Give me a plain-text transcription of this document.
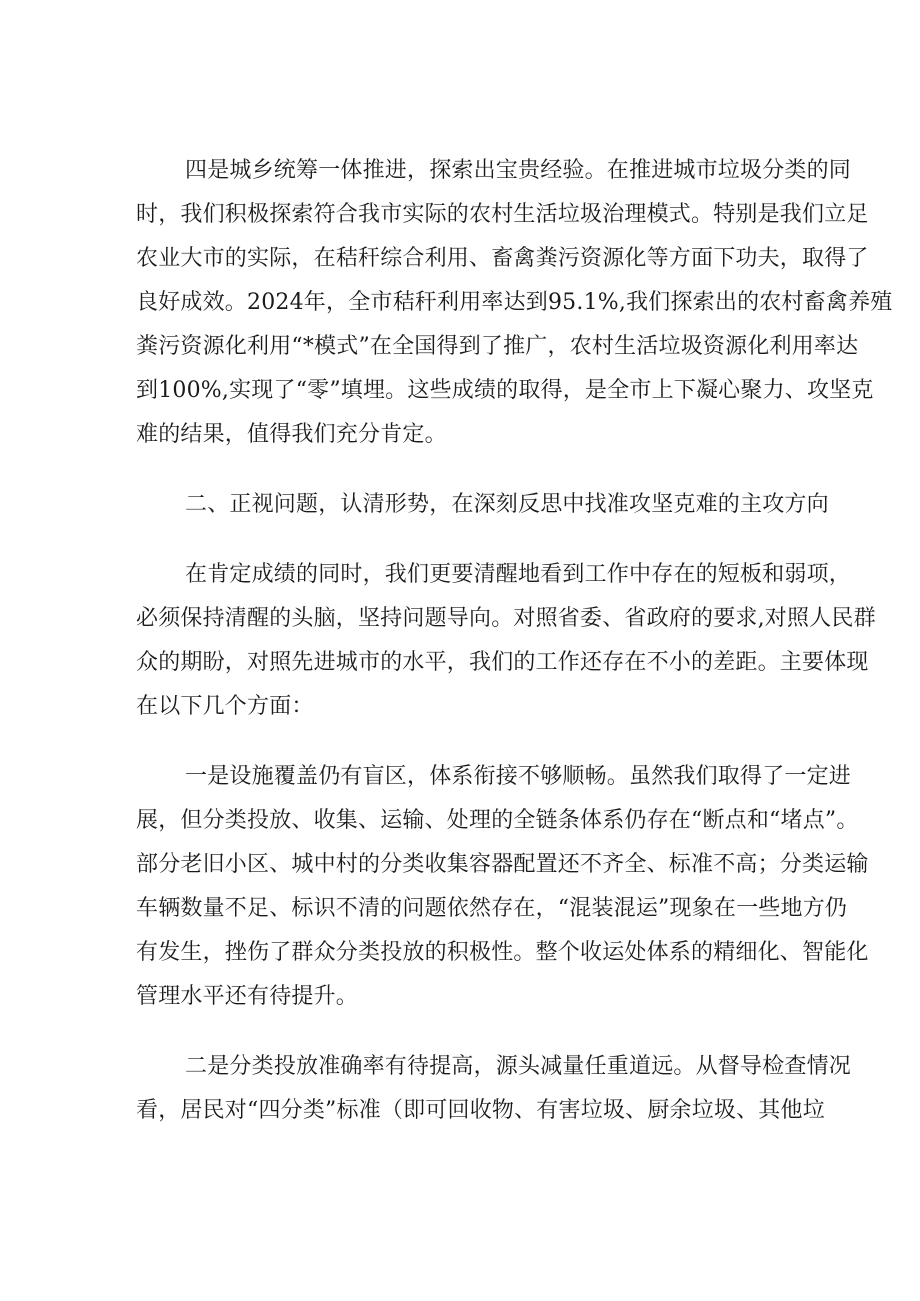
四是城乡统筹一体推进，探索出宝贵经验。在推进城市垃圾分类的同

时，我们积极探索符合我市实际的农村生活垃圾治理模式。特别是我们立足

农业大市的实际，在秸秆综合利用、畜禽粪污资源化等方面下功夫，取得了

良好成效。2024年，全市秸秆利用率达到95.1%,我们探索出的农村畜禽养殖

粪污资源化利用“*模式”在全国得到了推广，农村生活垃圾资源化利用率达

到100%,实现了“零”填埋。这些成绩的取得，是全市上下凝心聚力、攻坚克

难的结果，值得我们充分肯定。

二、正视问题，认清形势，在深刻反思中找准攻坚克难的主攻方向

在肯定成绩的同时，我们更要清醒地看到工作中存在的短板和弱项，

必须保持清醒的头脑，坚持问题导向。对照省委、省政府的要求,对照人民群

众的期盼，对照先进城市的水平，我们的工作还存在不小的差距。主要体现

在以下几个方面：

一是设施覆盖仍有盲区，体系衔接不够顺畅。虽然我们取得了一定进

展，但分类投放、收集、运输、处理的全链条体系仍存在“断点和“堵点”。

部分老旧小区、城中村的分类收集容器配置还不齐全、标准不高；分类运输

车辆数量不足、标识不清的问题依然存在，“混装混运”现象在一些地方仍

有发生，挫伤了群众分类投放的积极性。整个收运处体系的精细化、智能化

管理水平还有待提升。

二是分类投放准确率有待提高，源头减量任重道远。从督导检查情况

看，居民对“四分类”标准（即可回收物、有害垃圾、厨余垃圾、其他垃
